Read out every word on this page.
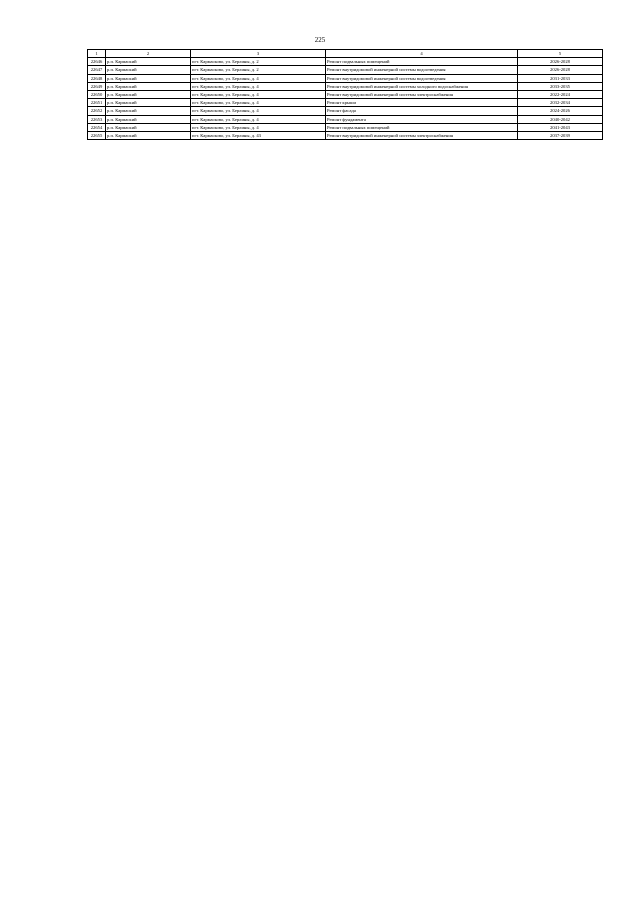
225
1	2	3	4	5
22646	р.п. Кармаский	пгт. Кармасково, ул. Берлины, д. 2	Ремонт подвальных помещений	2026-2028
22647	р.п. Кармаский	пгт. Кармасково, ул. Берлины, д. 2	Ремонт внутридомовой инженерной системы водоотведения	2026-2028
22648	р.п. Кармаский	пгт. Кармасково, ул. Берлины, д. 4	Ремонт внутридомовой инженерной системы водоотведения	2031-2033
22649	р.п. Кармаский	пгт. Кармасково, ул. Берлины, д. 4	Ремонт внутридомовой инженерной системы холодного водоснабжения	2033-2035
22650	р.п. Кармаский	пгт. Кармасково, ул. Берлины, д. 4	Ремонт внутридомовой инженерной системы электроснабжения	2022-2024
22651	р.п. Кармаский	пгт. Кармасково, ул. Берлины, д. 4	Ремонт крыши	2032-2034
22652	р.п. Кармаский	пгт. Кармасково, ул. Берлины, д. 4	Ремонт фасада	2024-2026
22653	р.п. Кармаский	пгт. Кармасково, ул. Берлины, д. 4	Ремонт фундамента	2040-2042
22654	р.п. Кармаский	пгт. Кармасково, ул. Берлины, д. 4	Ремонт подвальных помещений	2041-2043
22655	р.п. Кармаский	пгт. Кармасково, ул. Берлины, д. 43	Ремонт внутридомовой инженерной системы электроснабжения	2037-2039
